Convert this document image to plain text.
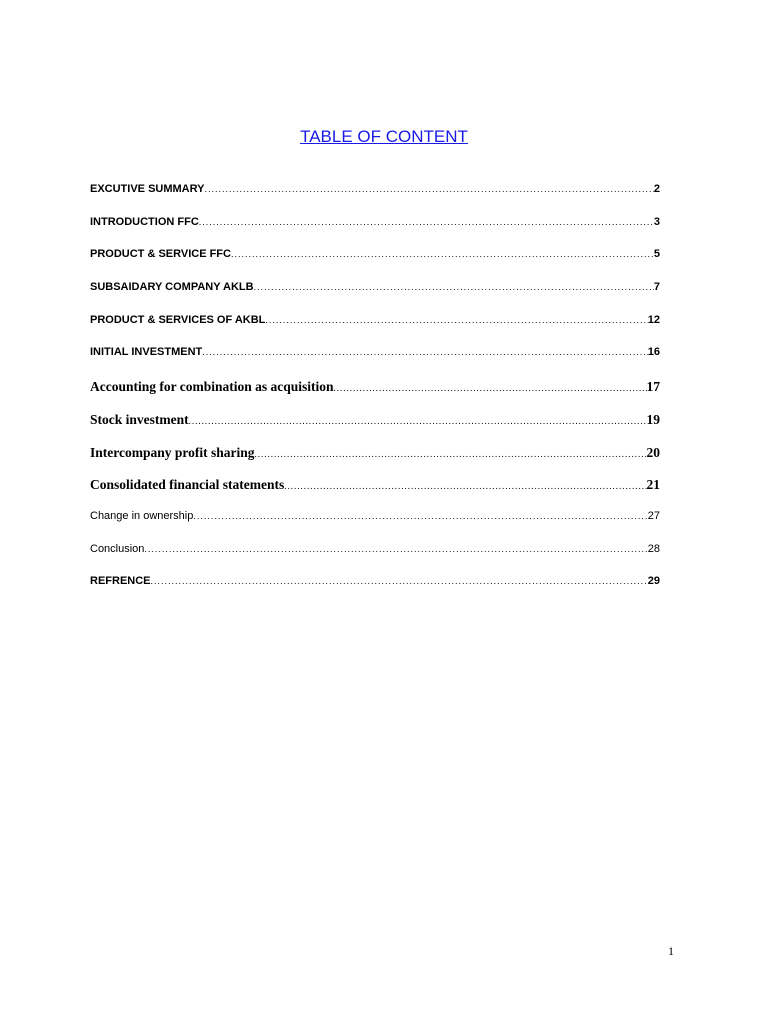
TABLE OF CONTENT
EXCUTIVE SUMMARY .....	2
INTRODUCTION FFC .....	3
PRODUCT & SERVICE FFC .....	5
SUBSAIDARY COMPANY AKLB .....	7
PRODUCT & SERVICES OF AKBL .....	12
INITIAL INVESTMENT .....	16
Accounting for combination as acquisition .....	17
Stock investment .....	19
Intercompany profit sharing .....	20
Consolidated financial statements .....	21
Change in ownership .....	27
Conclusion .....	28
REFRENCE .....	29
1
